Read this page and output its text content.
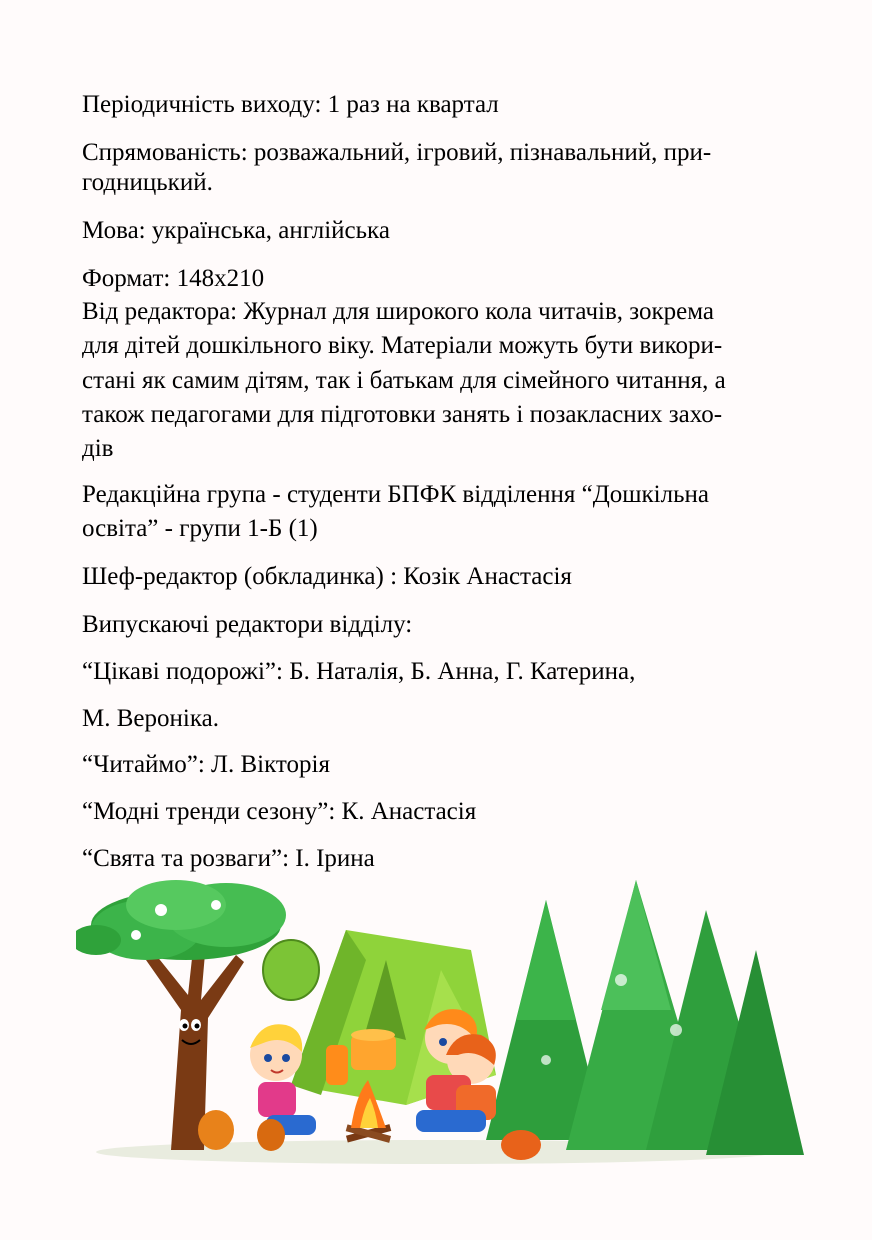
Періодичність виходу: 1 раз на квартал
Спрямованість: розважальний, ігровий, пізнавальний, при-
годницький.
Мова: українська, англійська
Формат: 148х210
Від редактора: Журнал для широкого кола читачів, зокрема
для дітей дошкільного віку. Матеріали можуть бути викори-
стані як самим дітям, так і батькам для сімейного читання, а
також педагогами для підготовки занять і позакласних захо-
дів
Редакційна група - студенти БПФК відділення “Дошкільна
освіта” - групи 1-Б (1)
Шеф-редактор (обкладинка) : Козік Анастасія
Випускаючі редактори відділу:
“Цікаві подорожі”: Б. Наталія, Б. Анна, Г. Катерина,
М. Вероніка.
“Читаймо”: Л. Вікторія
“Модні тренди сезону”: К. Анастасія
“Свята та розваги”: І. Ірина
